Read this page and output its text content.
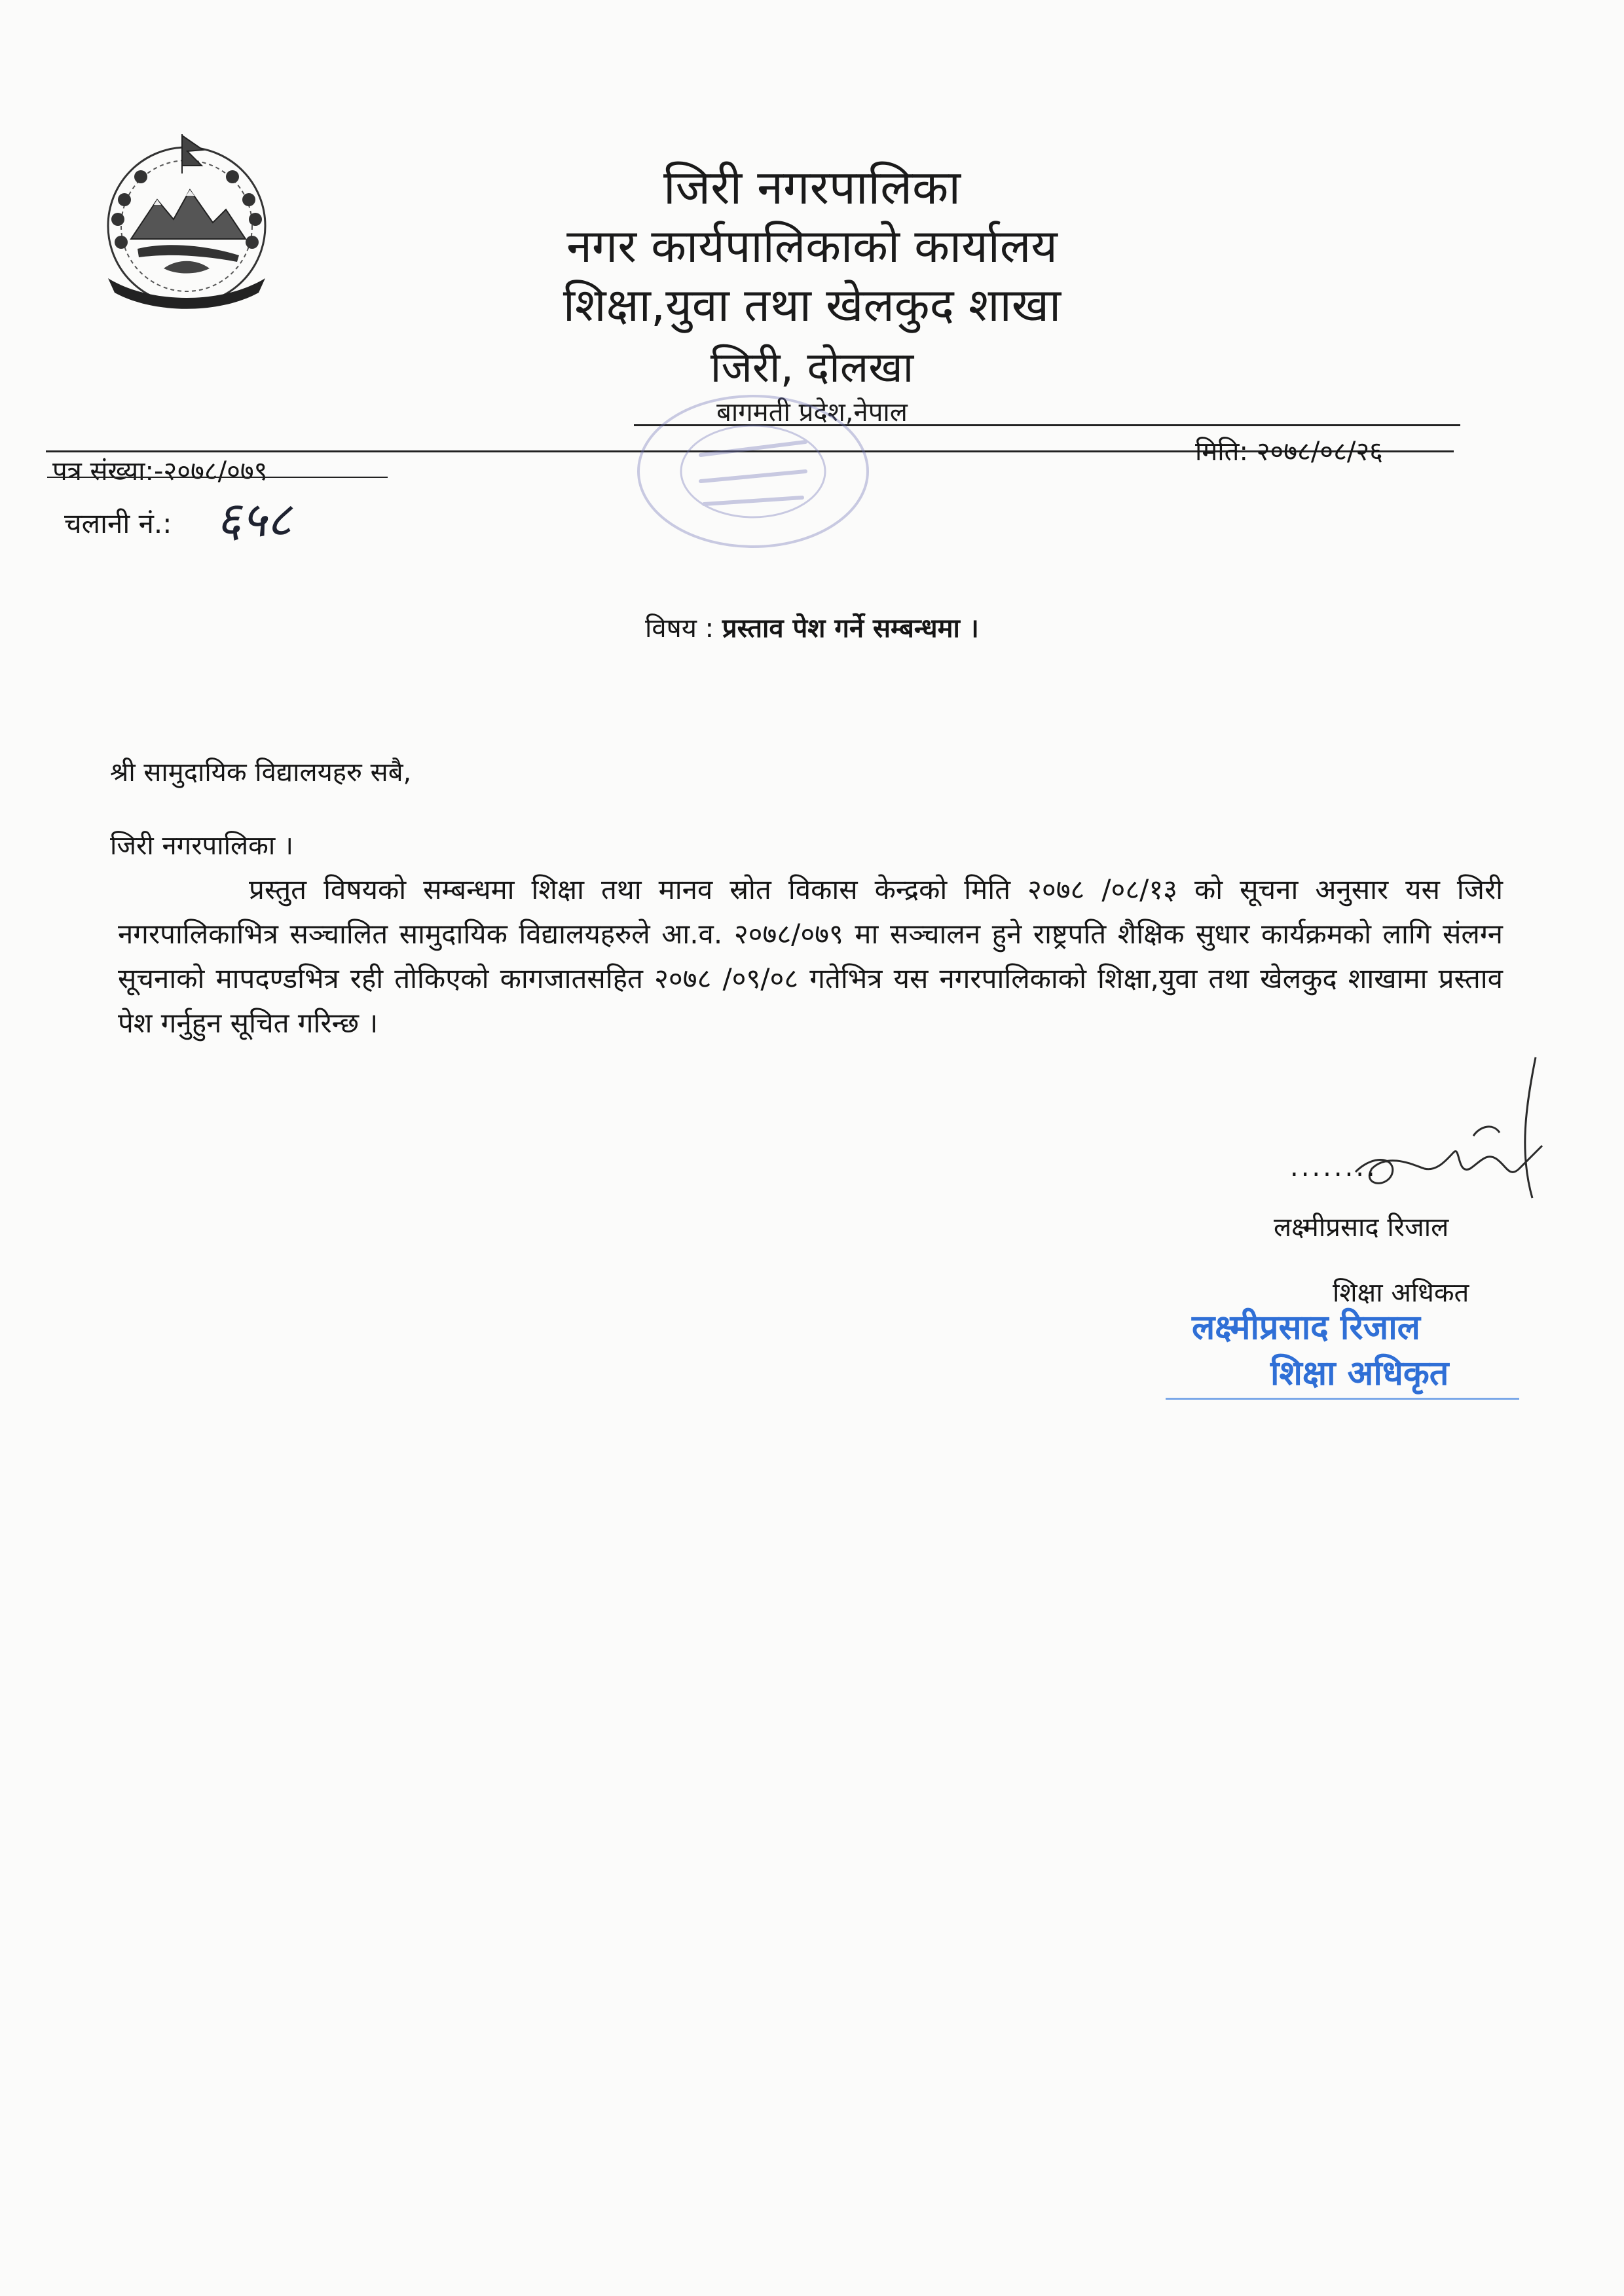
जिरी नगरपालिका
नगर कार्यपालिकाको कार्यालय
शिक्षा,युवा तथा खेलकुद शाखा
जिरी, दोलखा
बागमती प्रदेश,नेपाल
पत्र संख्या:-२०७८/०७९
मिति: २०७८/०८/२६
चलानी नं.: ६५८
विषय : प्रस्ताव पेश गर्ने सम्बन्धमा ।
श्री सामुदायिक विद्यालयहरु सबै,
जिरी नगरपालिका ।
प्रस्तुत विषयको सम्बन्धमा शिक्षा तथा मानव स्रोत विकास केन्द्रको मिति २०७८ /०८/१३ को सूचना अनुसार यस जिरी नगरपालिकाभित्र सञ्चालित सामुदायिक विद्यालयहरुले आ.व. २०७८/०७९ मा सञ्चालन हुने राष्ट्रपति शैक्षिक सुधार कार्यक्रमको लागि संलग्न सूचनाको मापदण्डभित्र रही तोकिएको कागजातसहित २०७८ /०९/०८ गतेभित्र यस नगरपालिकाको शिक्षा,युवा तथा खेलकुद शाखामा प्रस्ताव पेश गर्नुहुन सूचित गरिन्छ ।
........
लक्ष्मीप्रसाद रिजाल
शिक्षा अधिकत
लक्ष्मीप्रसाद रिजाल
शिक्षा अधिकृत
